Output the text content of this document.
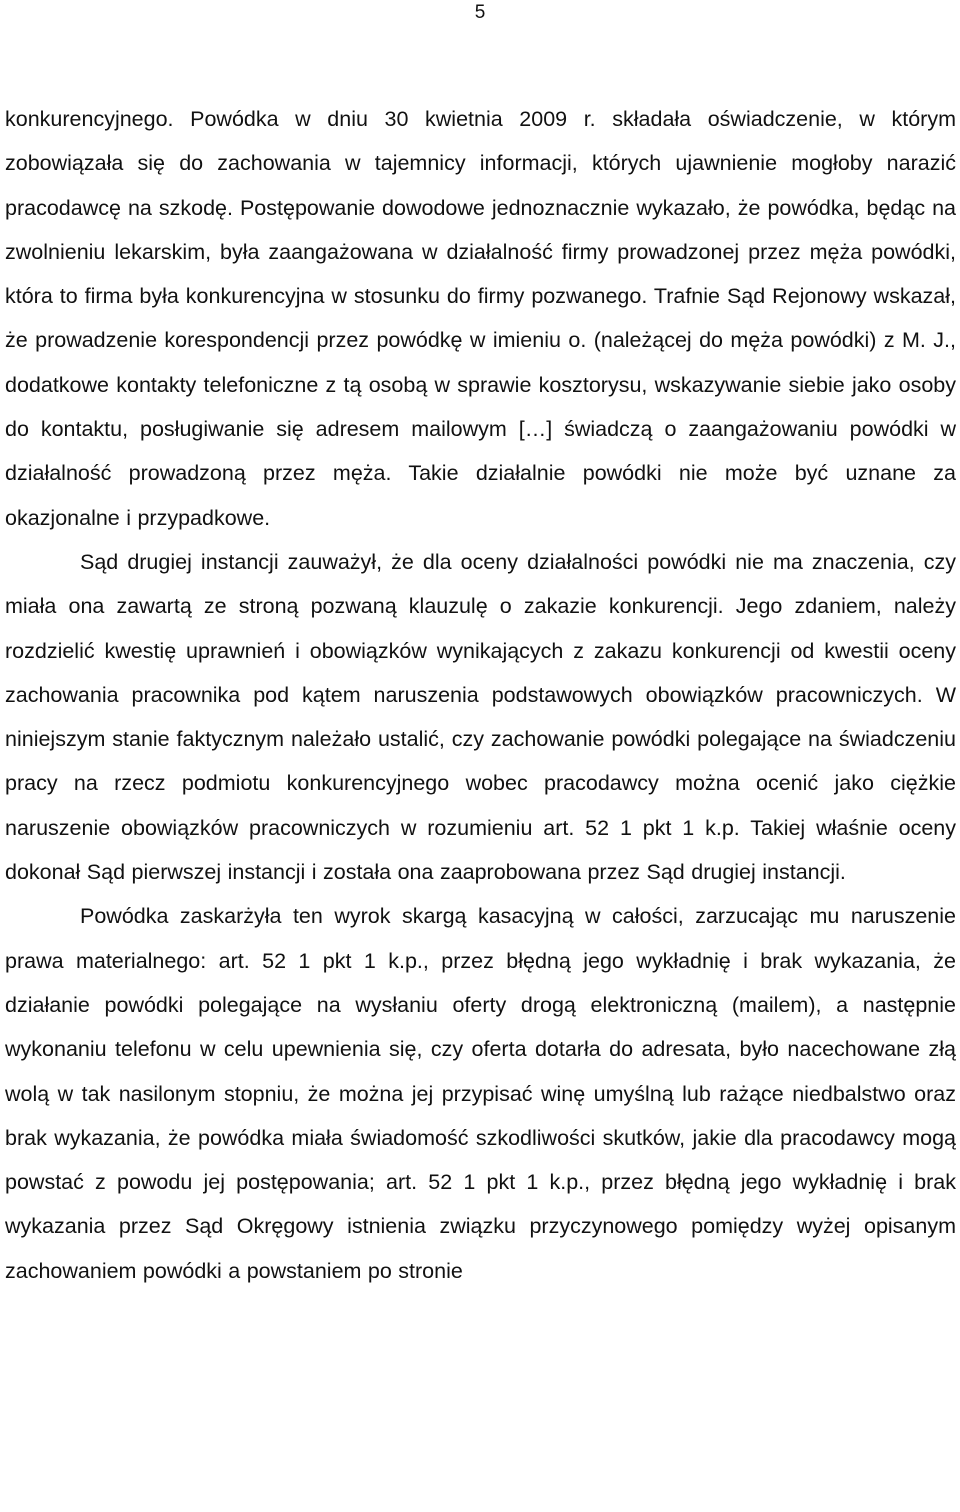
5

konkurencyjnego. Powódka w dniu 30 kwietnia 2009 r. składała oświadczenie, w którym zobowiązała się do zachowania w tajemnicy informacji, których ujawnienie mogłoby narazić pracodawcę na szkodę. Postępowanie dowodowe jednoznacznie wykazało, że powódka, będąc na zwolnieniu lekarskim, była zaangażowana w działalność firmy prowadzonej przez męża powódki, która to firma była konkurencyjna w stosunku do firmy pozwanego. Trafnie Sąd Rejonowy wskazał, że prowadzenie korespondencji przez powódkę w imieniu o. (należącej do męża powódki) z M. J., dodatkowe kontakty telefoniczne z tą osobą w sprawie kosztorysu, wskazywanie siebie jako osoby do kontaktu, posługiwanie się adresem mailowym […] świadczą o zaangażowaniu powódki w działalność prowadzoną przez męża. Takie działalnie powódki nie może być uznane za okazjonalne i przypadkowe.

Sąd drugiej instancji zauważył, że dla oceny działalności powódki nie ma znaczenia, czy miała ona zawartą ze stroną pozwaną klauzulę o zakazie konkurencji. Jego zdaniem, należy rozdzielić kwestię uprawnień i obowiązków wynikających z zakazu konkurencji od kwestii oceny zachowania pracownika pod kątem naruszenia podstawowych obowiązków pracowniczych. W niniejszym stanie faktycznym należało ustalić, czy zachowanie powódki polegające na świadczeniu pracy na rzecz podmiotu konkurencyjnego wobec pracodawcy można ocenić jako ciężkie naruszenie obowiązków pracowniczych w rozumieniu art. 52 1 pkt 1 k.p. Takiej właśnie oceny dokonał Sąd pierwszej instancji i została ona zaaprobowana przez Sąd drugiej instancji.

Powódka zaskarżyła ten wyrok skargą kasacyjną w całości, zarzucając mu naruszenie prawa materialnego: art. 52 1 pkt 1 k.p., przez błędną jego wykładnię i brak wykazania, że działanie powódki polegające na wysłaniu oferty drogą elektroniczną (mailem), a następnie wykonaniu telefonu w celu upewnienia się, czy oferta dotarła do adresata, było nacechowane złą wolą w tak nasilonym stopniu, że można jej przypisać winę umyślną lub rażące niedbalstwo oraz brak wykazania, że powódka miała świadomość szkodliwości skutków, jakie dla pracodawcy mogą powstać z powodu jej postępowania; art. 52 1 pkt 1 k.p., przez błędną jego wykładnię i brak wykazania przez Sąd Okręgowy istnienia związku przyczynowego pomiędzy wyżej opisanym zachowaniem powódki a powstaniem po stronie
